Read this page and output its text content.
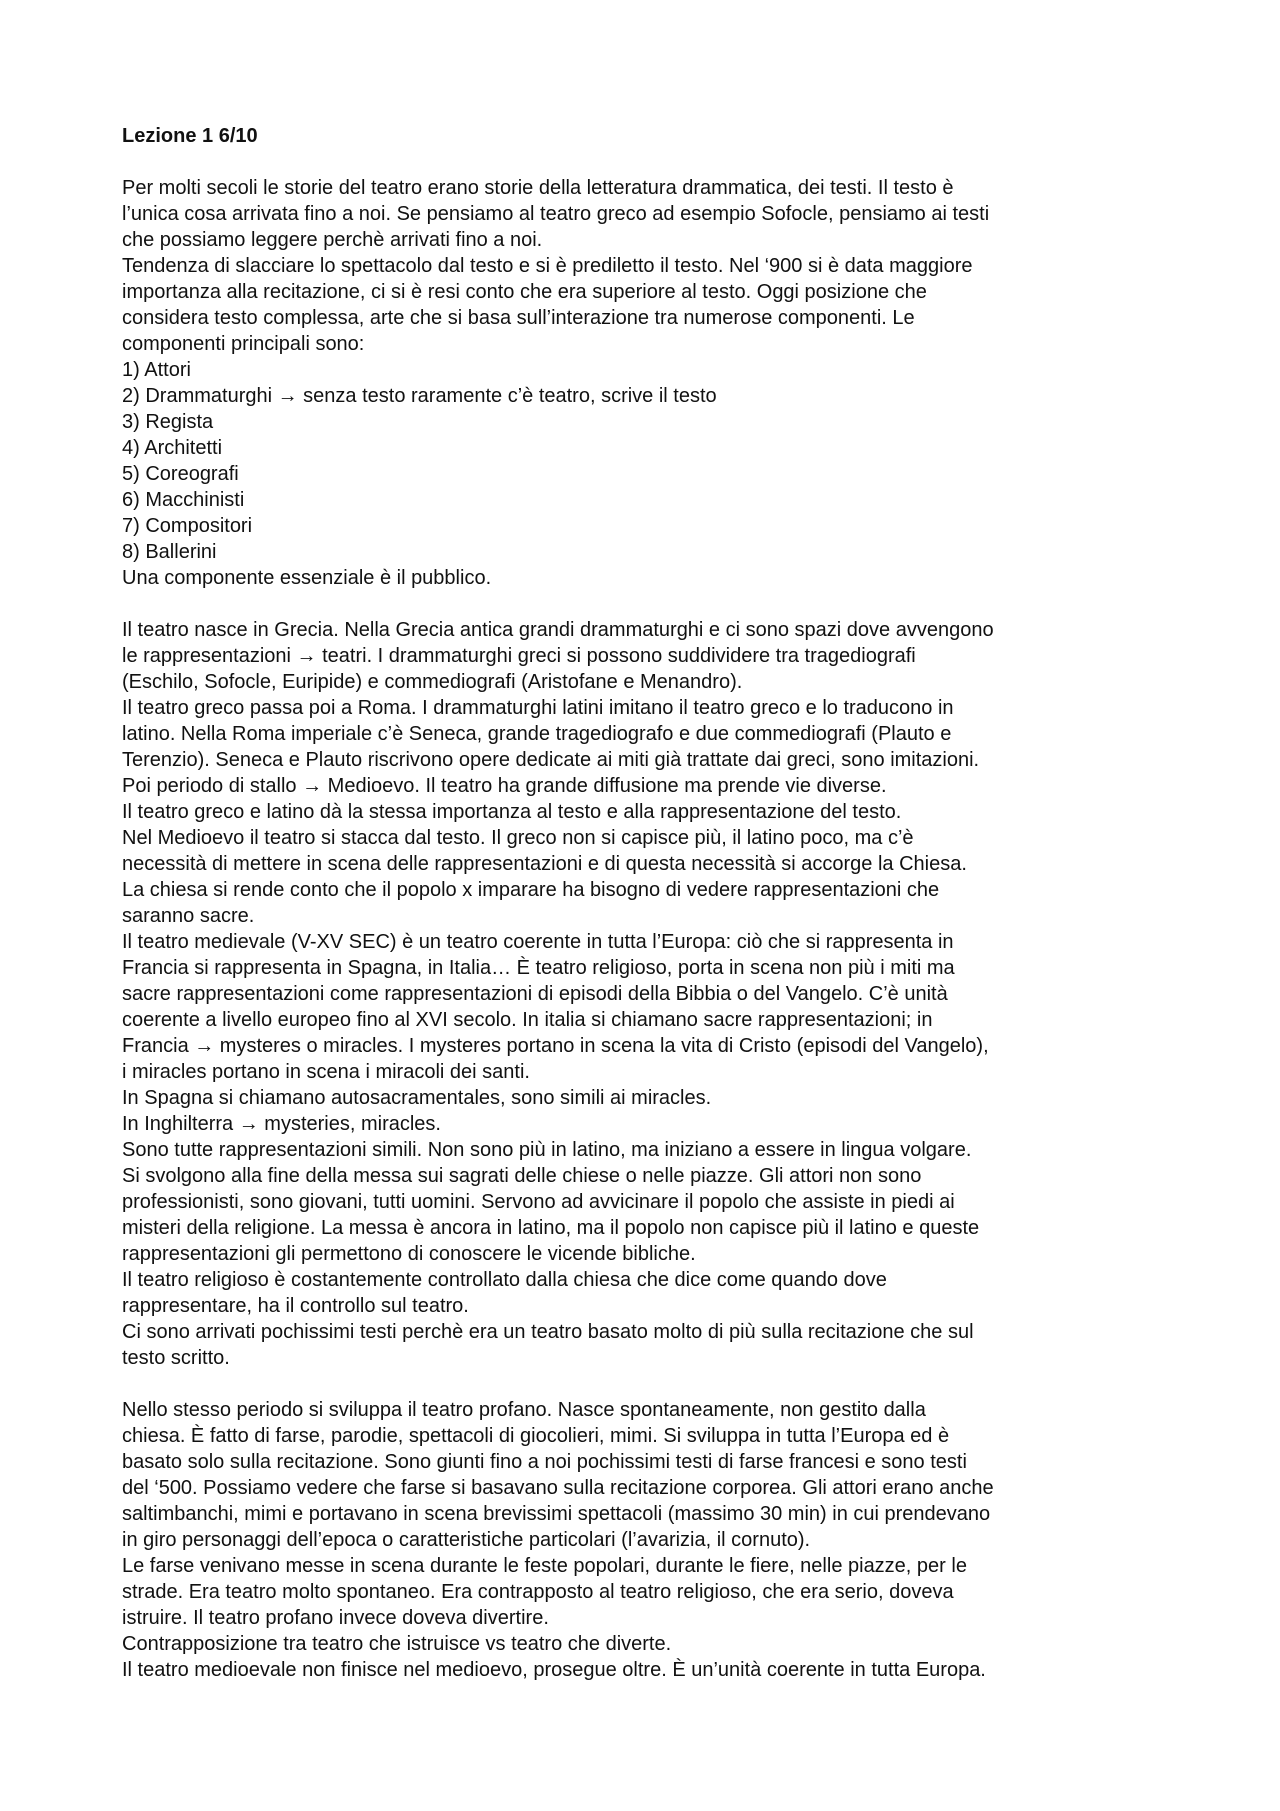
Lezione 1 6/10
Per molti secoli le storie del teatro erano storie della letteratura drammatica, dei testi. Il testo è
l’unica cosa arrivata fino a noi. Se pensiamo al teatro greco ad esempio Sofocle, pensiamo ai testi
che possiamo leggere perchè arrivati fino a noi.
Tendenza di slacciare lo spettacolo dal testo e si è prediletto il testo. Nel ‘900 si è data maggiore
importanza alla recitazione, ci si è resi conto che era superiore al testo. Oggi posizione che
considera testo complessa, arte che si basa sull’interazione tra numerose componenti. Le
componenti principali sono:
1) Attori
2) Drammaturghi → senza testo raramente c’è teatro, scrive il testo
3) Regista
4) Architetti
5) Coreografi
6) Macchinisti
7) Compositori
8) Ballerini
Una componente essenziale è il pubblico.
Il teatro nasce in Grecia. Nella Grecia antica grandi drammaturghi e ci sono spazi dove avvengono
le rappresentazioni → teatri. I drammaturghi greci si possono suddividere tra tragediografi
(Eschilo, Sofocle, Euripide) e commediografi (Aristofane e Menandro).
Il teatro greco passa poi a Roma. I drammaturghi latini imitano il teatro greco e lo traducono in
latino. Nella Roma imperiale c’è Seneca, grande tragediografo e due commediografi (Plauto e
Terenzio). Seneca e Plauto riscrivono opere dedicate ai miti già trattate dai greci, sono imitazioni.
Poi periodo di stallo → Medioevo. Il teatro ha grande diffusione ma prende vie diverse.
Il teatro greco e latino dà la stessa importanza al testo e alla rappresentazione del testo.
Nel Medioevo il teatro si stacca dal testo. Il greco non si capisce più, il latino poco, ma c’è
necessità di mettere in scena delle rappresentazioni e di questa necessità si accorge la Chiesa.
La chiesa si rende conto che il popolo x imparare ha bisogno di vedere rappresentazioni che
saranno sacre.
Il teatro medievale (V-XV SEC) è un teatro coerente in tutta l’Europa: ciò che si rappresenta in
Francia si rappresenta in Spagna, in Italia… È teatro religioso, porta in scena non più i miti ma
sacre rappresentazioni come rappresentazioni di episodi della Bibbia o del Vangelo. C’è unità
coerente a livello europeo fino al XVI secolo. In italia si chiamano sacre rappresentazioni; in
Francia → mysteres o miracles. I mysteres portano in scena la vita di Cristo (episodi del Vangelo),
i miracles portano in scena i miracoli dei santi.
In Spagna si chiamano autosacramentales, sono simili ai miracles.
In Inghilterra → mysteries, miracles.
Sono tutte rappresentazioni simili. Non sono più in latino, ma iniziano a essere in lingua volgare.
Si svolgono alla fine della messa sui sagrati delle chiese o nelle piazze. Gli attori non sono
professionisti, sono giovani, tutti uomini. Servono ad avvicinare il popolo che assiste in piedi ai
misteri della religione. La messa è ancora in latino, ma il popolo non capisce più il latino e queste
rappresentazioni gli permettono di conoscere le vicende bibliche.
Il teatro religioso è costantemente controllato dalla chiesa che dice come quando dove
rappresentare, ha il controllo sul teatro.
Ci sono arrivati pochissimi testi perchè era un teatro basato molto di più sulla recitazione che sul
testo scritto.
Nello stesso periodo si sviluppa il teatro profano. Nasce spontaneamente, non gestito dalla
chiesa. È fatto di farse, parodie, spettacoli di giocolieri, mimi. Si sviluppa in tutta l’Europa ed è
basato solo sulla recitazione. Sono giunti fino a noi pochissimi testi di farse francesi e sono testi
del ‘500. Possiamo vedere che farse si basavano sulla recitazione corporea. Gli attori erano anche
saltimbanchi, mimi e portavano in scena brevissimi spettacoli (massimo 30 min) in cui prendevano
in giro personaggi dell’epoca o caratteristiche particolari (l’avarizia, il cornuto).
Le farse venivano messe in scena durante le feste popolari, durante le fiere, nelle piazze, per le
strade. Era teatro molto spontaneo. Era contrapposto al teatro religioso, che era serio, doveva
istruire. Il teatro profano invece doveva divertire.
Contrapposizione tra teatro che istruisce vs teatro che diverte.
Il teatro medioevale non finisce nel medioevo, prosegue oltre. È un’unità coerente in tutta Europa.
